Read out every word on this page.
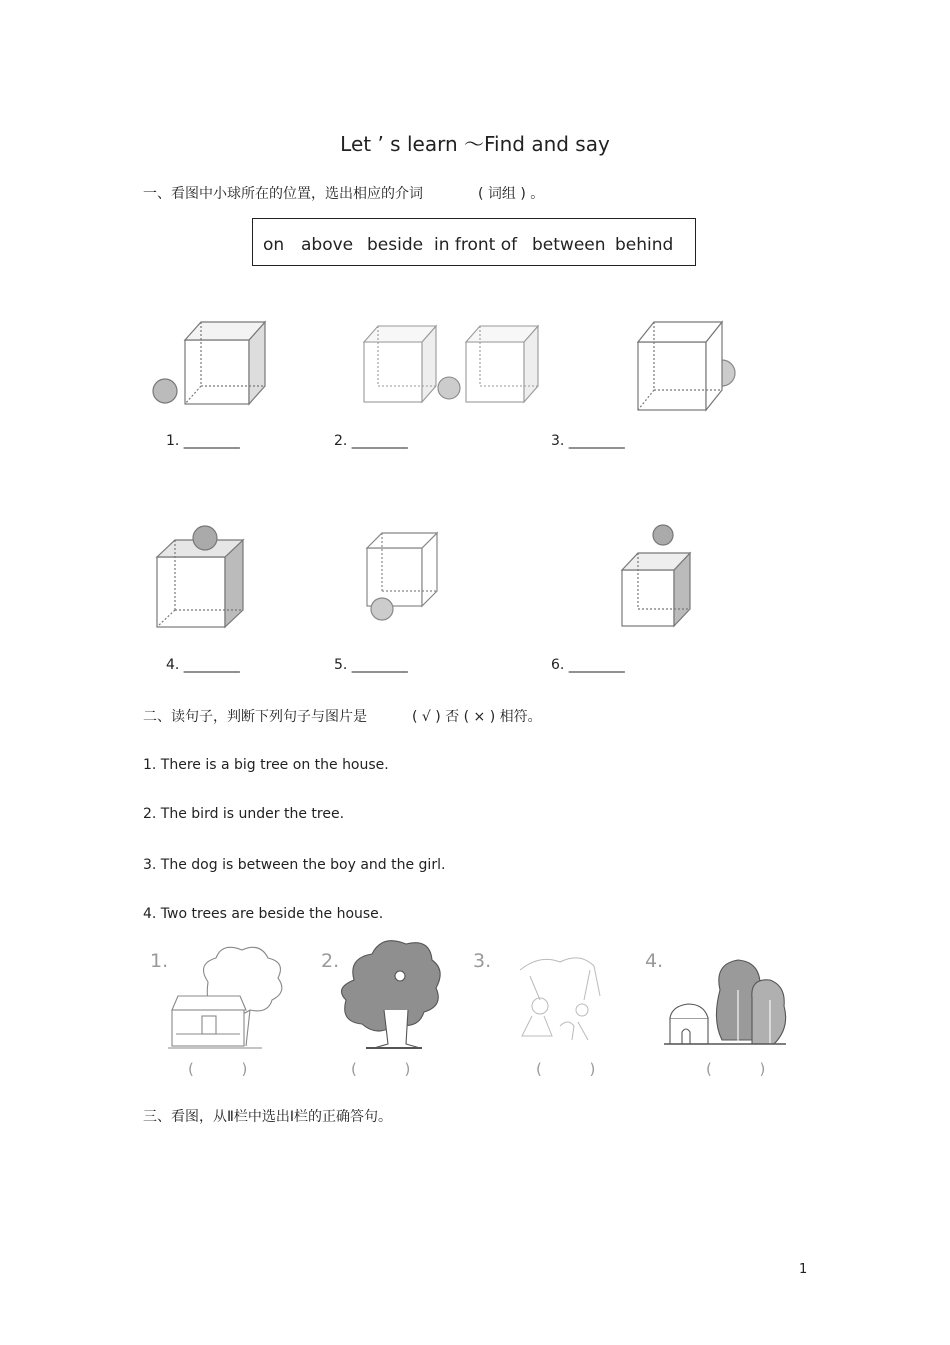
Let ’ s learn ～Find and say
一、看图中小球所在的位置，选出相应的介词	( 词组 ) 。
on above beside in front of between behind
1. ________	2. ________	3. ________
4. ________	5. ________	6. ________
二、读句子，判断下列句子与图片是	( √ ) 否 ( × ) 相符。
1. There is a big tree on the house.
2. The bird is under the tree.
3. The dog is between the boy and the girl.
4. Two trees are beside the house.
1.	2.	3.	4.
(          )	(          )	(          )	(          )
三、看图，从Ⅱ栏中选出Ⅰ栏的正确答句。
1
